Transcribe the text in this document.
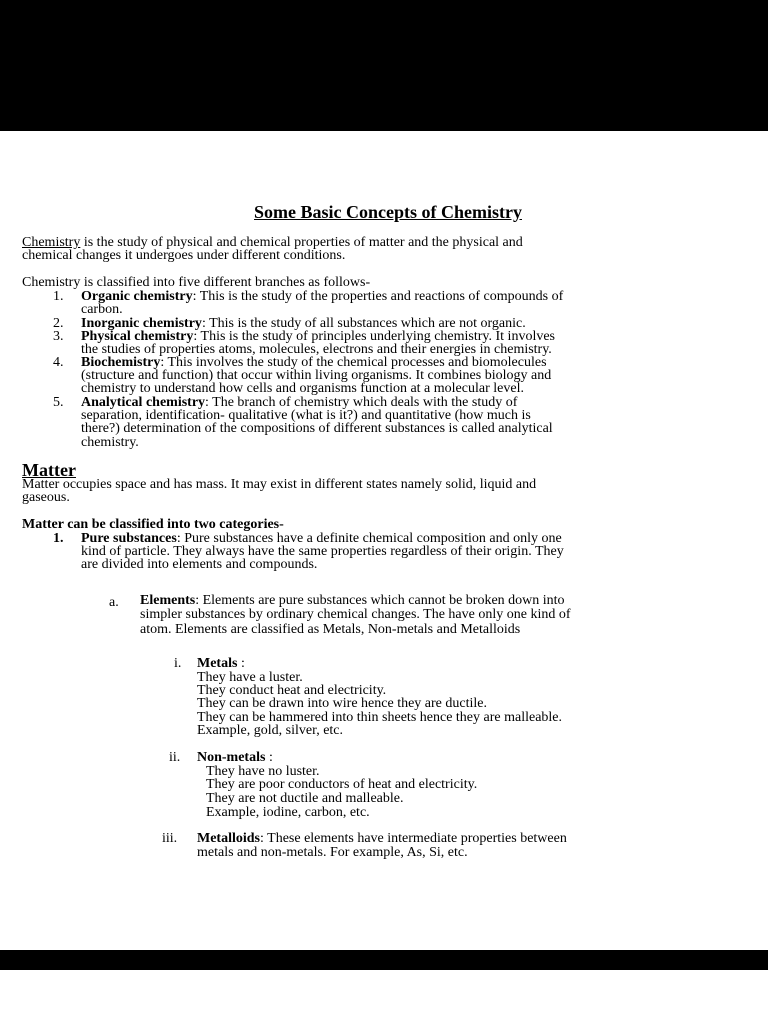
Some Basic Concepts of Chemistry
Chemistry is the study of physical and chemical properties of matter and the physical and
chemical changes it undergoes under different conditions.
Chemistry is classified into five different branches as follows-
1. Organic chemistry: This is the study of the properties and reactions of compounds of
carbon.
2. Inorganic chemistry: This is the study of all substances which are not organic.
3. Physical chemistry: This is the study of principles underlying chemistry. It involves
the studies of properties atoms, molecules, electrons and their energies in chemistry.
4. Biochemistry: This involves the study of the chemical processes and biomolecules
(structure and function) that occur within living organisms. It combines biology and
chemistry to understand how cells and organisms function at a molecular level.
5. Analytical chemistry: The branch of chemistry which deals with the study of
separation, identification- qualitative (what is it?) and quantitative (how much is
there?) determination of the compositions of different substances is called analytical
chemistry.
Matter
Matter occupies space and has mass. It may exist in different states namely solid, liquid and
gaseous.
Matter can be classified into two categories-
1. Pure substances: Pure substances have a definite chemical composition and only one
kind of particle. They always have the same properties regardless of their origin. They
are divided into elements and compounds.
a. Elements: Elements are pure substances which cannot be broken down into
simpler substances by ordinary chemical changes. The have only one kind of
atom. Elements are classified as Metals, Non-metals and Metalloids
i. Metals :
They have a luster.
They conduct heat and electricity.
They can be drawn into wire hence they are ductile.
They can be hammered into thin sheets hence they are malleable.
Example, gold, silver, etc.
ii. Non-metals :
They have no luster.
They are poor conductors of heat and electricity.
They are not ductile and malleable.
Example, iodine, carbon, etc.
iii. Metalloids: These elements have intermediate properties between
metals and non-metals. For example, As, Si, etc.
